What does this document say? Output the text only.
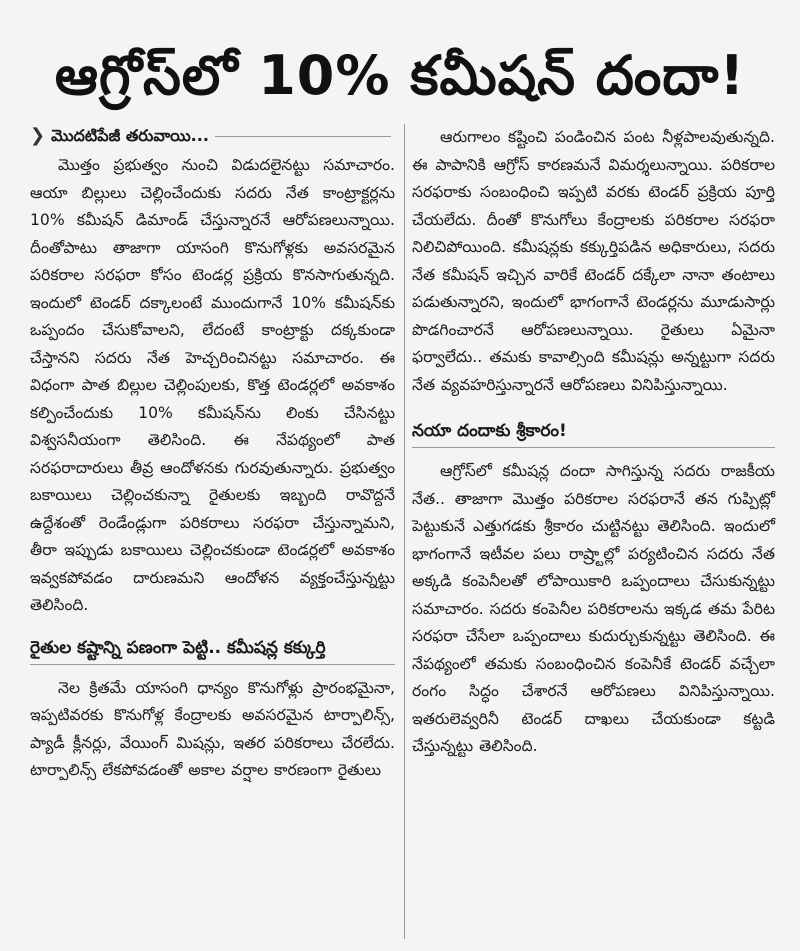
ఆగ్రోస్‌లో 10% కమీషన్ దందా!
❯ మొదటిపేజీ తరువాయి...

మొత్తం ప్రభుత్వం నుంచి విడుదలైనట్టు సమాచారం. ఆయా బిల్లులు చెల్లించేందుకు సదరు నేత కాంట్రాక్టర్లను 10% కమీషన్ డిమాండ్ చేస్తున్నారనే ఆరోపణలున్నాయి. దీంతోపాటు తాజాగా యాసంగి కొనుగోళ్లకు అవసరమైన పరికరాల సరఫరా కోసం టెండర్ల ప్రక్రియ కొనసాగుతున్నది. ఇందులో టెండర్ దక్కాలంటే ముందుగానే 10% కమీషన్‌కు ఒప్పందం చేసుకోవాలని, లేదంటే కాంట్రాక్టు దక్కకుండా చేస్తానని సదరు నేత హెచ్చరించినట్టు సమాచారం. ఈ విధంగా పాత బిల్లుల చెల్లింపులకు, కొత్త టెండర్లలో అవకాశం కల్పించేందుకు 10% కమీషన్‌ను లింకు చేసినట్టు విశ్వసనీయంగా తెలిసింది. ఈ నేపథ్యంలో పాత సరఫరాదారులు తీవ్ర ఆందోళనకు గురవుతున్నారు. ప్రభుత్వం బకాయిలు చెల్లించకున్నా రైతులకు ఇబ్బంది రావొద్దనే ఉద్దేశంతో రెండేండ్లుగా పరికరాలు సరఫరా చేస్తున్నామని, తీరా ఇప్పుడు బకాయిలు చెల్లించకుండా టెండర్లలో అవకాశం ఇవ్వకపోవడం దారుణమని ఆందోళన వ్యక్తంచేస్తున్నట్టు తెలిసింది.

రైతుల కష్టాన్ని పణంగా పెట్టి.. కమీషన్ల కక్కుర్తి

నెల క్రితమే యాసంగి ధాన్యం కొనుగోళ్లు ప్రారంభమైనా, ఇప్పటివరకు కొనుగోళ్ల కేంద్రాలకు అవసరమైన టార్పాలిన్స్, ప్యాడీ క్లీనర్లు, వేయింగ్ మిషన్లు, ఇతర పరికరాలు చేరలేదు. టార్పాలిన్స్ లేకపోవడంతో అకాల వర్షాల కారణంగా రైతులు

ఆరుగాలం కష్టించి పండించిన పంట నీళ్లపాలవుతున్నది. ఈ పాపానికి ఆగ్రోస్ కారణమనే విమర్శలున్నాయి. పరికరాల సరఫరాకు సంబంధించి ఇప్పటి వరకు టెండర్ ప్రక్రియ పూర్తి చేయలేదు. దీంతో కొనుగోలు కేంద్రాలకు పరికరాల సరఫరా నిలిచిపోయింది. కమీషన్లకు కక్కుర్తిపడిన అధికారులు, సదరు నేత కమీషన్ ఇచ్చిన వారికే టెండర్ దక్కేలా నానా తంటాలు పడుతున్నారని, ఇందులో భాగంగానే టెండర్లను మూడుసార్లు పొడగించారనే ఆరోపణలున్నాయి. రైతులు ఏమైనా ఫర్వాలేదు.. తమకు కావాల్సింది కమీషన్లు అన్నట్టుగా సదరు నేత వ్యవహరిస్తున్నారనే ఆరోపణలు వినిపిస్తున్నాయి.

నయా దందాకు శ్రీకారం!

ఆగ్రోస్‌లో కమీషన్ల దందా సాగిస్తున్న సదరు రాజకీయ నేత.. తాజాగా మొత్తం పరికరాల సరఫరానే తన గుప్పిట్లో పెట్టుకునే ఎత్తుగడకు శ్రీకారం చుట్టినట్టు తెలిసింది. ఇందులో భాగంగానే ఇటీవల పలు రాష్ర్టాల్లో పర్యటించిన సదరు నేత అక్కడి కంపెనీలతో లోపాయికారి ఒప్పందాలు చేసుకున్నట్టు సమాచారం. సదరు కంపెనీల పరికరాలను ఇక్కడ తమ పేరిట సరఫరా చేసేలా ఒప్పందాలు కుదుర్చుకున్నట్టు తెలిసింది. ఈ నేపథ్యంలో తమకు సంబంధించిన కంపెనీకే టెండర్ వచ్చేలా రంగం సిద్ధం చేశారనే ఆరోపణలు వినిపిస్తున్నాయి. ఇతరులెవ్వరినీ టెండర్ దాఖలు చేయకుండా కట్టడి చేస్తున్నట్టు తెలిసింది.
